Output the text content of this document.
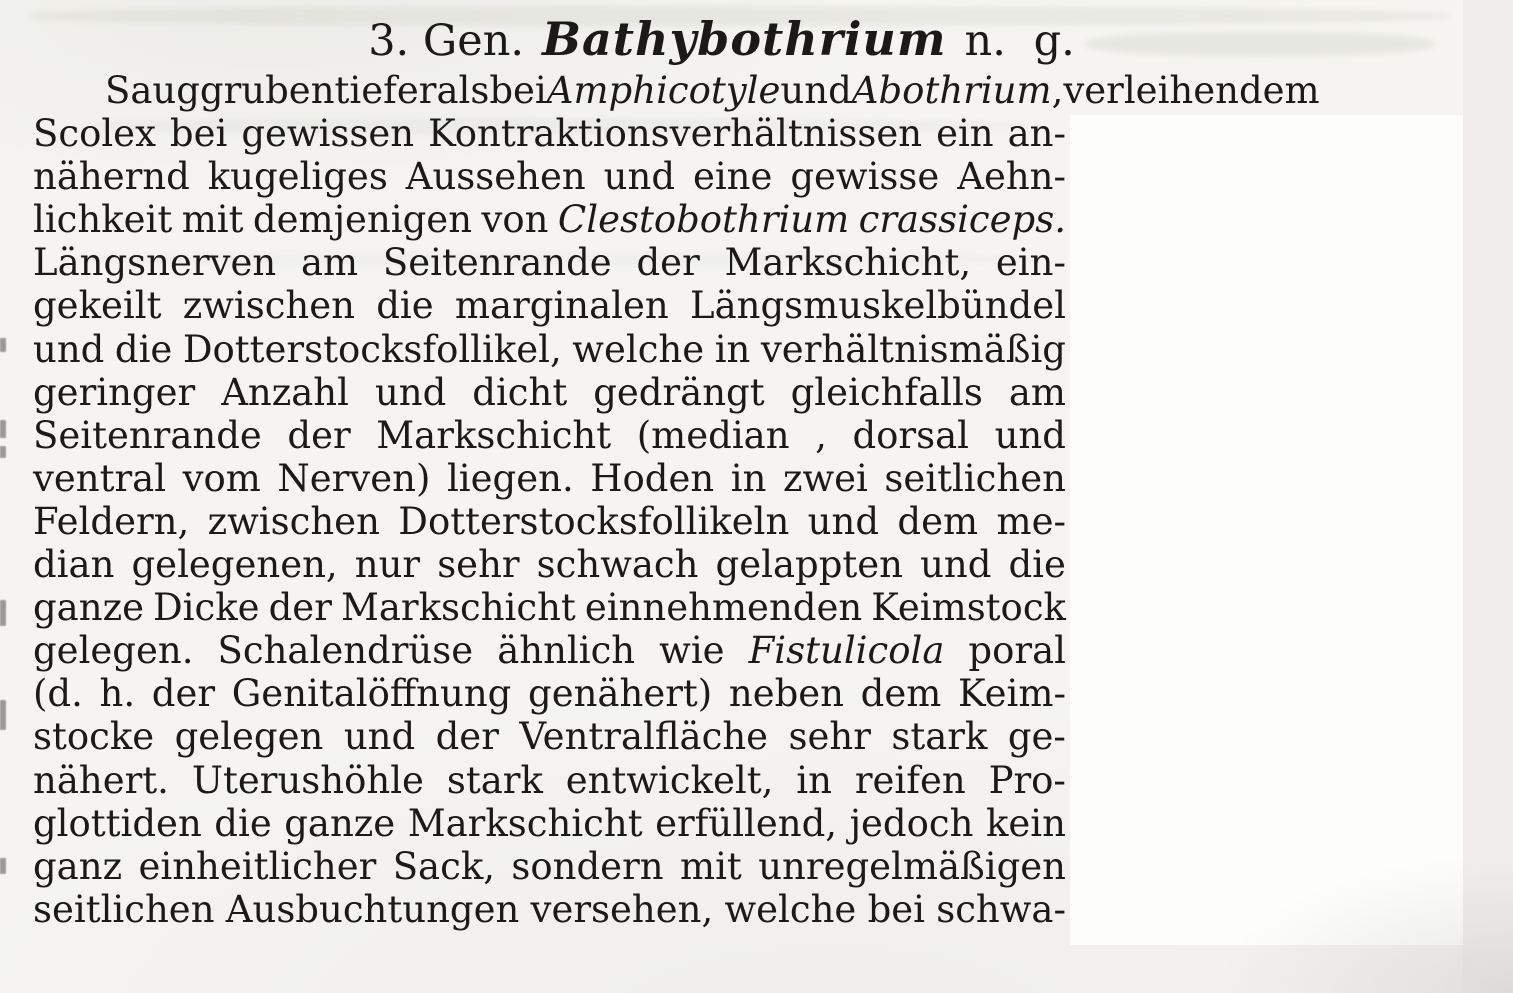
3. Gen. Bathybothrium n. g.
Sauggruben tiefer als bei Amphicotyle und Abothrium, verleihen dem
Scolex bei gewissen Kontraktionsverhältnissen ein an-
nähernd kugeliges Aussehen und eine gewisse Aehn-
lichkeit mit demjenigen von Clestobothrium crassiceps.
Längsnerven am Seitenrande der Markschicht, ein-
gekeilt zwischen die marginalen Längsmuskelbündel
und die Dotterstocksfollikel, welche in verhältnismäßig
geringer Anzahl und dicht gedrängt gleichfalls am
Seitenrande der Markschicht (median , dorsal und
ventral vom Nerven) liegen. Hoden in zwei seitlichen
Feldern, zwischen Dotterstocksfollikeln und dem me-
dian gelegenen, nur sehr schwach gelappten und die
ganze Dicke der Markschicht einnehmenden Keimstock
gelegen. Schalendrüse ähnlich wie Fistulicola poral
(d. h. der Genitalöffnung genähert) neben dem Keim-
stocke gelegen und der Ventralfläche sehr stark ge-
nähert. Uterushöhle stark entwickelt, in reifen Pro-
glottiden die ganze Markschicht erfüllend, jedoch kein
ganz einheitlicher Sack, sondern mit unregelmäßigen
seitlichen Ausbuchtungen versehen, welche bei schwa-
